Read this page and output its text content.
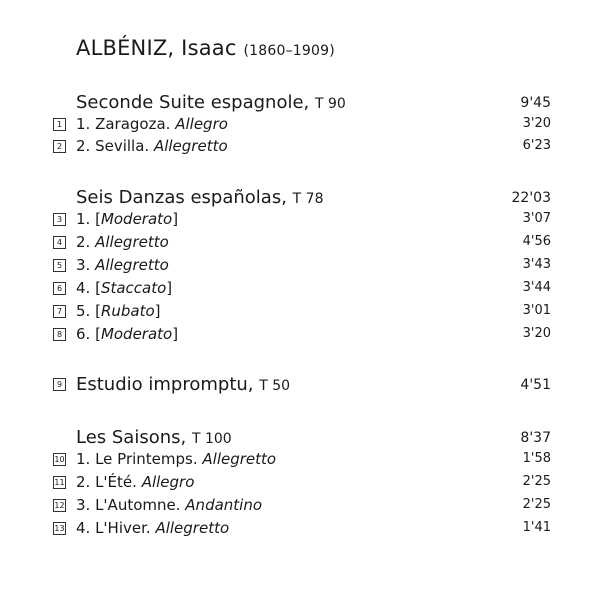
ALBÉNIZ, Isaac (1860–1909)
Seconde Suite espagnole, T 90	9'45
1 1. Zaragoza. Allegro	3'20
2 2. Sevilla. Allegretto	6'23
Seis Danzas españolas, T 78	22'03
3 1. [Moderato]	3'07
4 2. Allegretto	4'56
5 3. Allegretto	3'43
6 4. [Staccato]	3'44
7 5. [Rubato]	3'01
8 6. [Moderato]	3'20
9 Estudio impromptu, T 50	4'51
Les Saisons, T 100	8'37
10 1. Le Printemps. Allegretto	1'58
11 2. L'Été. Allegro	2'25
12 3. L'Automne. Andantino	2'25
13 4. L'Hiver. Allegretto	1'41
